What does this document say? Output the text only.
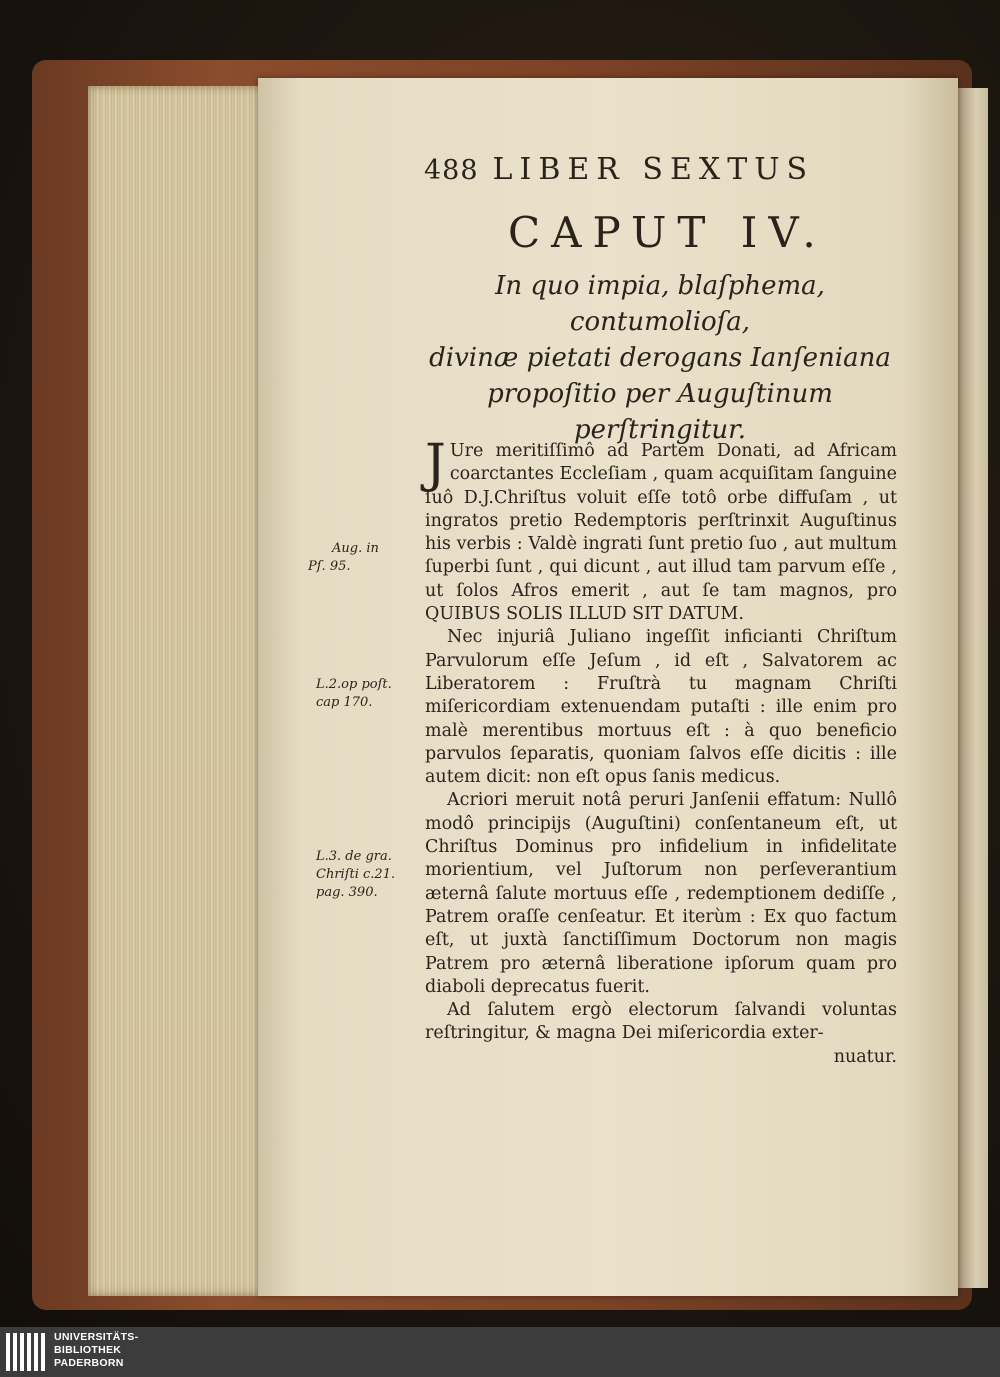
488 LIBER SEXTUS
CAPUT IV.
In quo impia, blaſphema, contumolioſa,
divinæ pietati derogans Ianſeniana
propoſitio per Auguſtinum
perſtringitur.

J Ure meritiſſimô ad Partem Donati, ad Africam coarctantes Eccleſiam , quam acquiſitam ſanguine ſuô D.J.Chriſtus voluit eſſe totô orbe diffuſam , ut ingratos pretio Redemptoris perſtrinxit Auguſtinus his verbis : Valdè ingrati ſunt pretio ſuo , aut multum ſuperbi ſunt , qui dicunt , aut illud tam parvum eſſe , ut ſolos Afros emerit , aut ſe tam magnos, pro QUIBUS SOLIS ILLUD SIT DATUM.

Nec injuriâ Juliano ingeſſit inficianti Chriſtum Parvulorum eſſe Jeſum , id eſt , Salvatorem ac Liberatorem : Fruſtrà tu magnam Chriſti miſericordiam extenuendam putaſti : ille enim pro malè merentibus mortuus eſt : à quo beneficio parvulos ſeparatis, quoniam ſalvos eſſe dicitis : ille autem dicit: non eſt opus ſanis medicus.

Acriori meruit notâ peruri Janſenii effatum: Nullô modô principijs (Auguſtini) conſentaneum eſt, ut Chriſtus Dominus pro infidelium in infidelitate morientium, vel Juſtorum non perſeverantium æternâ ſalute mortuus eſſe , redemptionem dediſſe , Patrem oraſſe cenſeatur. Et iterùm : Ex quo factum eſt, ut juxtà ſanctiſſimum Doctorum non magis Patrem pro æternâ liberatione ipſorum quam pro diaboli deprecatus fuerit.

Ad ſalutem ergò electorum ſalvandi voluntas reſtringitur, & magna Dei miſericordia exter-
nuatur.

Aug. in
Pſ. 95.
L.2.op poſt.
cap 170.
L.3. de gra.
Chriſti c.21.
pag. 390.
UNIVERSITÄTS-
BIBLIOTHEK
PADERBORN
